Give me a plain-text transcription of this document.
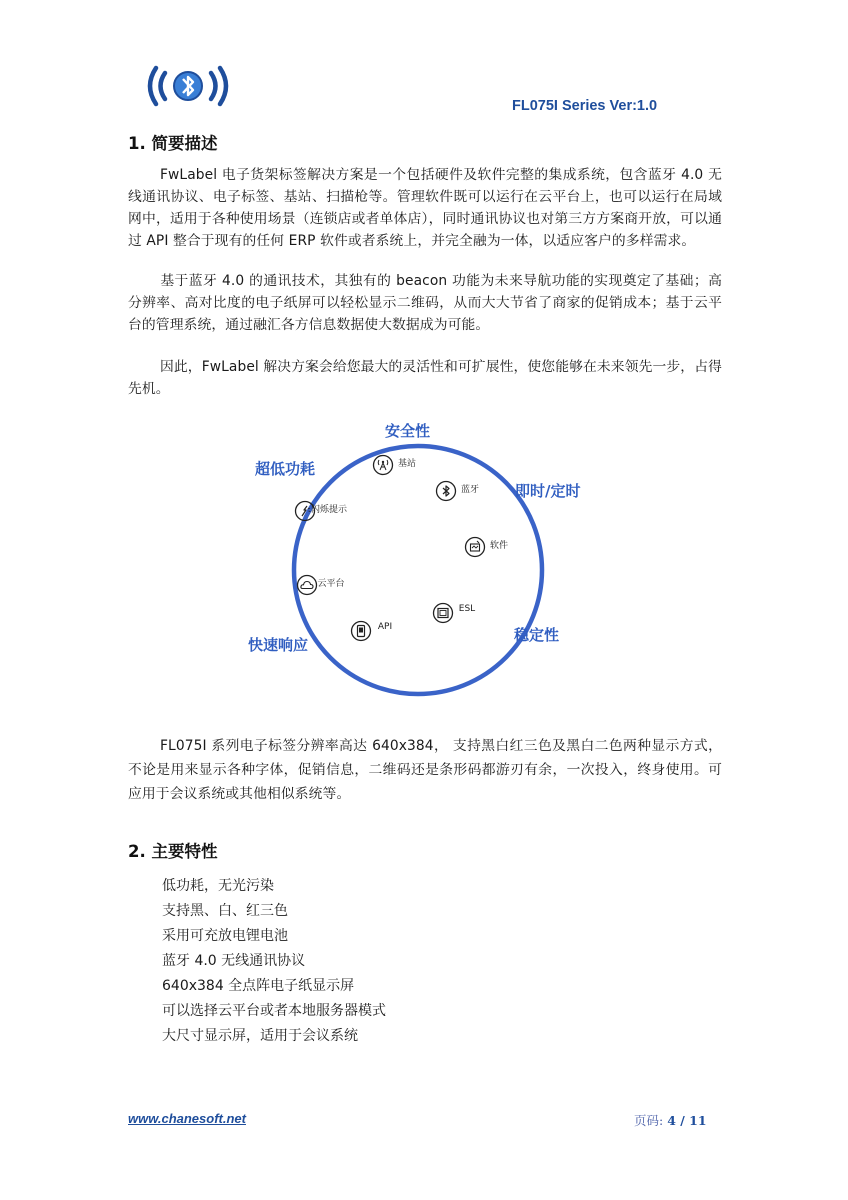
FL075I Series Ver:1.0
1. 简要描述

FwLabel 电子货架标签解决方案是一个包括硬件及软件完整的集成系统，包含蓝牙 4.0 无线通讯协议、电子标签、基站、扫描枪等。管理软件既可以运行在云平台上，也可以运行在局域网中，适用于各种使用场景（连锁店或者单体店），同时通讯协议也对第三方方案商开放，可以通过 API 整合于现有的任何 ERP 软件或者系统上，并完全融为一体，以适应客户的多样需求。

基于蓝牙 4.0 的通讯技术，其独有的 beacon 功能为未来导航功能的实现奠定了基础；高分辨率、高对比度的电子纸屏可以轻松显示二维码，从而大大节省了商家的促销成本；基于云平台的管理系统，通过融汇各方信息数据使大数据成为可能。

因此，FwLabel 解决方案会给您最大的灵活性和可扩展性，使您能够在未来领先一步，占得先机。

安全性
超低功耗
即时/定时
稳定性
快速响应
基站
蓝牙
软件
ESL
API
云平台
闪烁提示

FL075I 系列电子标签分辨率高达 640x384， 支持黑白红三色及黑白二色两种显示方式，不论是用来显示各种字体，促销信息，二维码还是条形码都游刃有余，一次投入，终身使用。可应用于会议系统或其他相似系统等。

2. 主要特性

低功耗，无光污染

支持黑、白、红三色

采用可充放电锂电池

蓝牙 4.0 无线通讯协议

640x384 全点阵电子纸显示屏

可以选择云平台或者本地服务器模式

大尺寸显示屏，适用于会议系统

www.chanesoft.net	页码: 4 / 11
